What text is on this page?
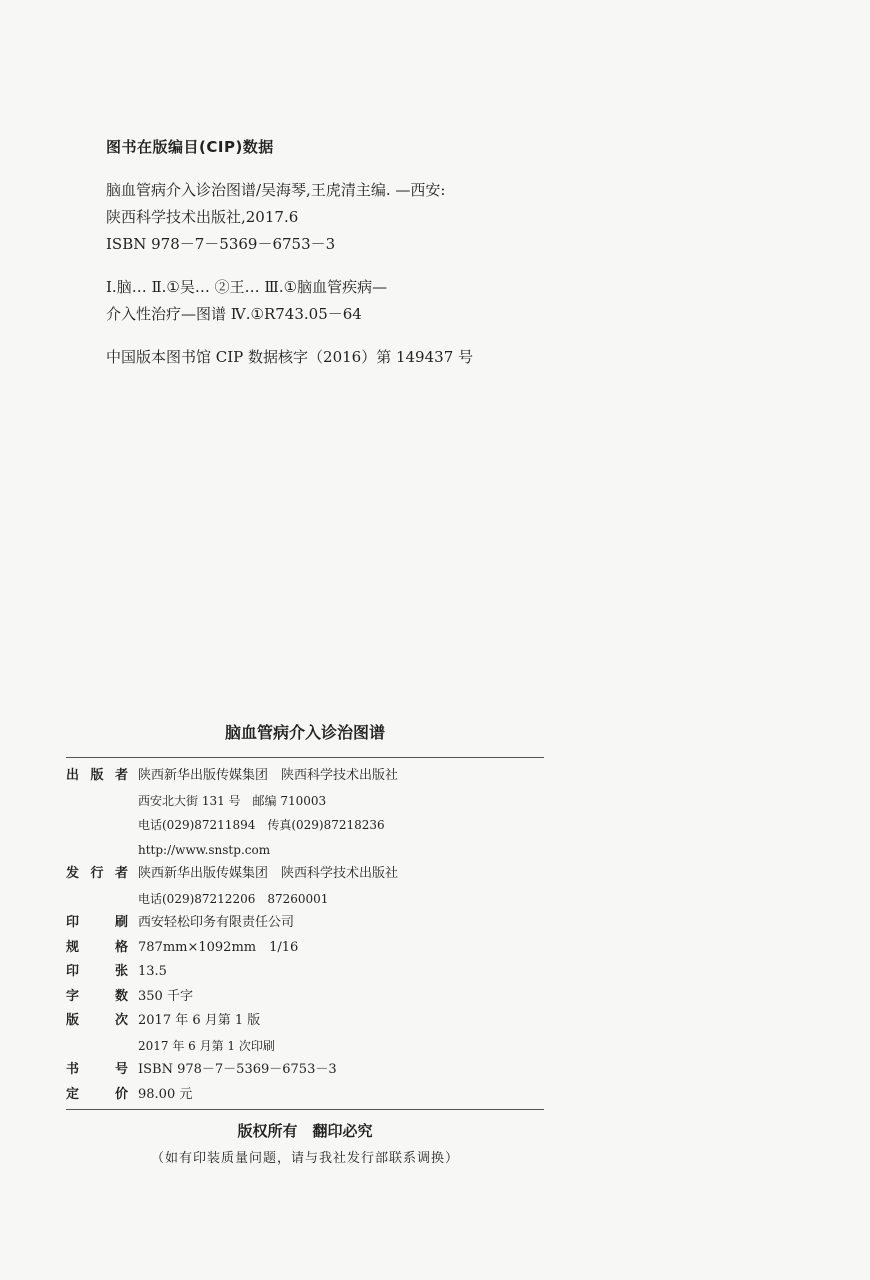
图书在版编目(CIP)数据
脑血管病介入诊治图谱/吴海琴,王虎清主编. —西安:
陕西科学技术出版社,2017.6
ISBN 978－7－5369－6753－3
Ⅰ.脑… Ⅱ.①吴… ②王… Ⅲ.①脑血管疾病—
介入性治疗—图谱 Ⅳ.①R743.05－64
中国版本图书馆 CIP 数据核字（2016）第 149437 号
脑血管病介入诊治图谱
出 版 者 陕西新华出版传媒集团　陕西科学技术出版社
西安北大街 131 号　邮编 710003
电话(029)87211894　传真(029)87218236
http://www.snstp.com
发 行 者 陕西新华出版传媒集团　陕西科学技术出版社
电话(029)87212206　87260001
印	刷 西安轻松印务有限责任公司
规	格 787mm×1092mm　1/16
印	张 13.5
字	数 350 千字
版	次 2017 年 6 月第 1 版
2017 年 6 月第 1 次印刷
书	号 ISBN 978－7－5369－6753－3
定	价 98.00 元
版权所有　翻印必究
（如有印装质量问题，请与我社发行部联系调换）
